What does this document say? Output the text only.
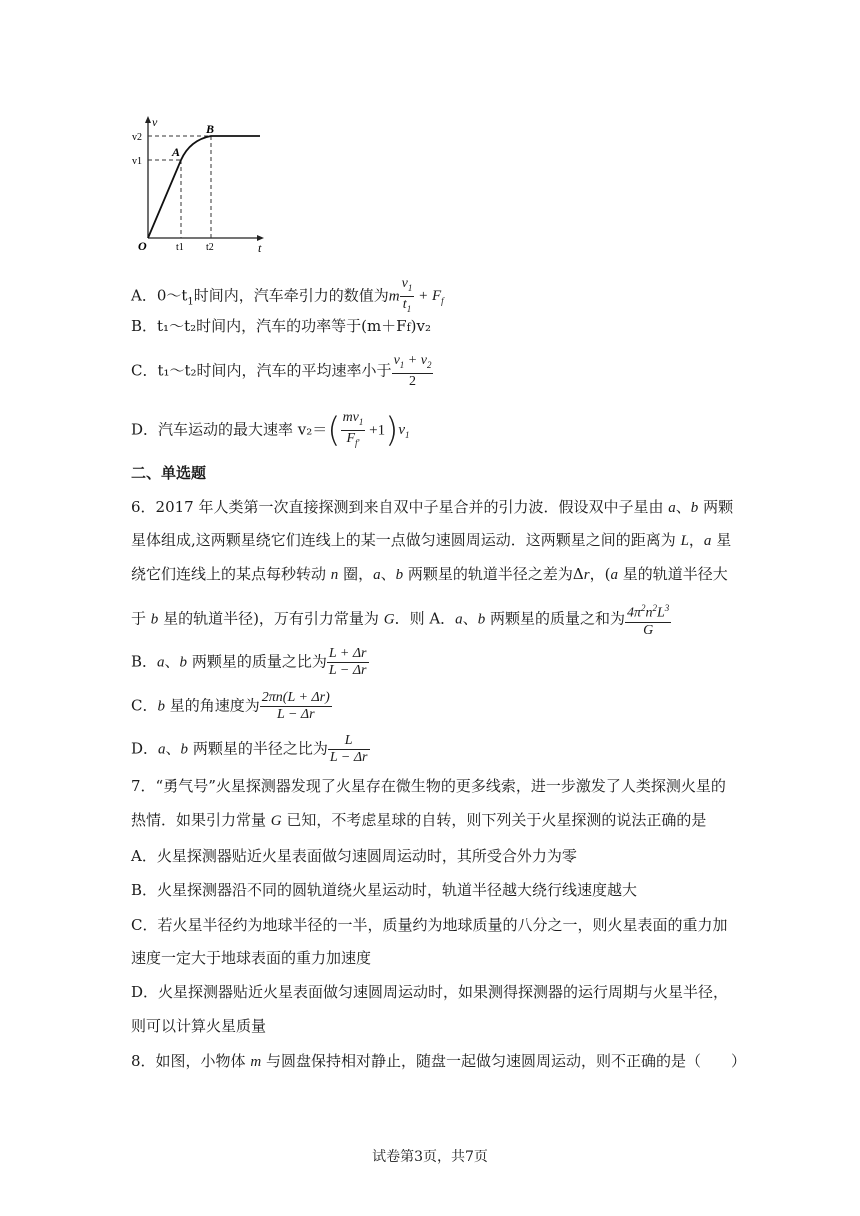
v
t
O
A
B
v1
v2
t1 t2
A．$0\sim t_1$时间内，汽车牵引力的数值为m $\frac{v_1}{t_1} + F_f$
B．t₁～t₂时间内，汽车的功率等于(m＋Ff)v₂
C．t₁～t₂时间内，汽车的平均速率小于 $\frac{v_1 + v_2}{2}$
D．汽车运动的最大速率 $v_2=( \frac{mv_1}{F_{f'}} +1)v_1$
二、单选题
6．2017 年人类第一次直接探测到来自双中子星合并的引力波．假设双中子星由 a、b 两颗
星体组成,这两颗星绕它们连线上的某一点做匀速圆周运动．这两颗星之间的距离为 L，a 星
绕它们连线上的某点每秒转动 n 圈，a、b 两颗星的轨道半径之差为Δr，(a 星的轨道半径大
于 b 星的轨道半径)，万有引力常量为 G．则 A．a、b 两颗星的质量之和为 $\frac{4\pi^2n^2L^3}{G}$
B．a、b 两颗星的质量之比为 $\frac{L + \Delta r}{L - \Delta r}$
C．b 星的角速度为 $\frac{2\pi n(L + \Delta r)}{L - \Delta r}$
D．a、b 两颗星的半径之比为 $\frac{L}{L - \Delta r}$
7．“勇气号”火星探测器发现了火星存在微生物的更多线索，进一步激发了人类探测火星的
热情．如果引力常量 G 已知，不考虑星球的自转，则下列关于火星探测的说法正确的是
A．火星探测器贴近火星表面做匀速圆周运动时，其所受合外力为零
B．火星探测器沿不同的圆轨道绕火星运动时，轨道半径越大绕行线速度越大
C．若火星半径约为地球半径的一半，质量约为地球质量的八分之一，则火星表面的重力加
速度一定大于地球表面的重力加速度
D．火星探测器贴近火星表面做匀速圆周运动时，如果测得探测器的运行周期与火星半径，
则可以计算火星质量
8．如图，小物体 m 与圆盘保持相对静止，随盘一起做匀速圆周运动，则不正确的是（　　）
试卷第3页，共7页
